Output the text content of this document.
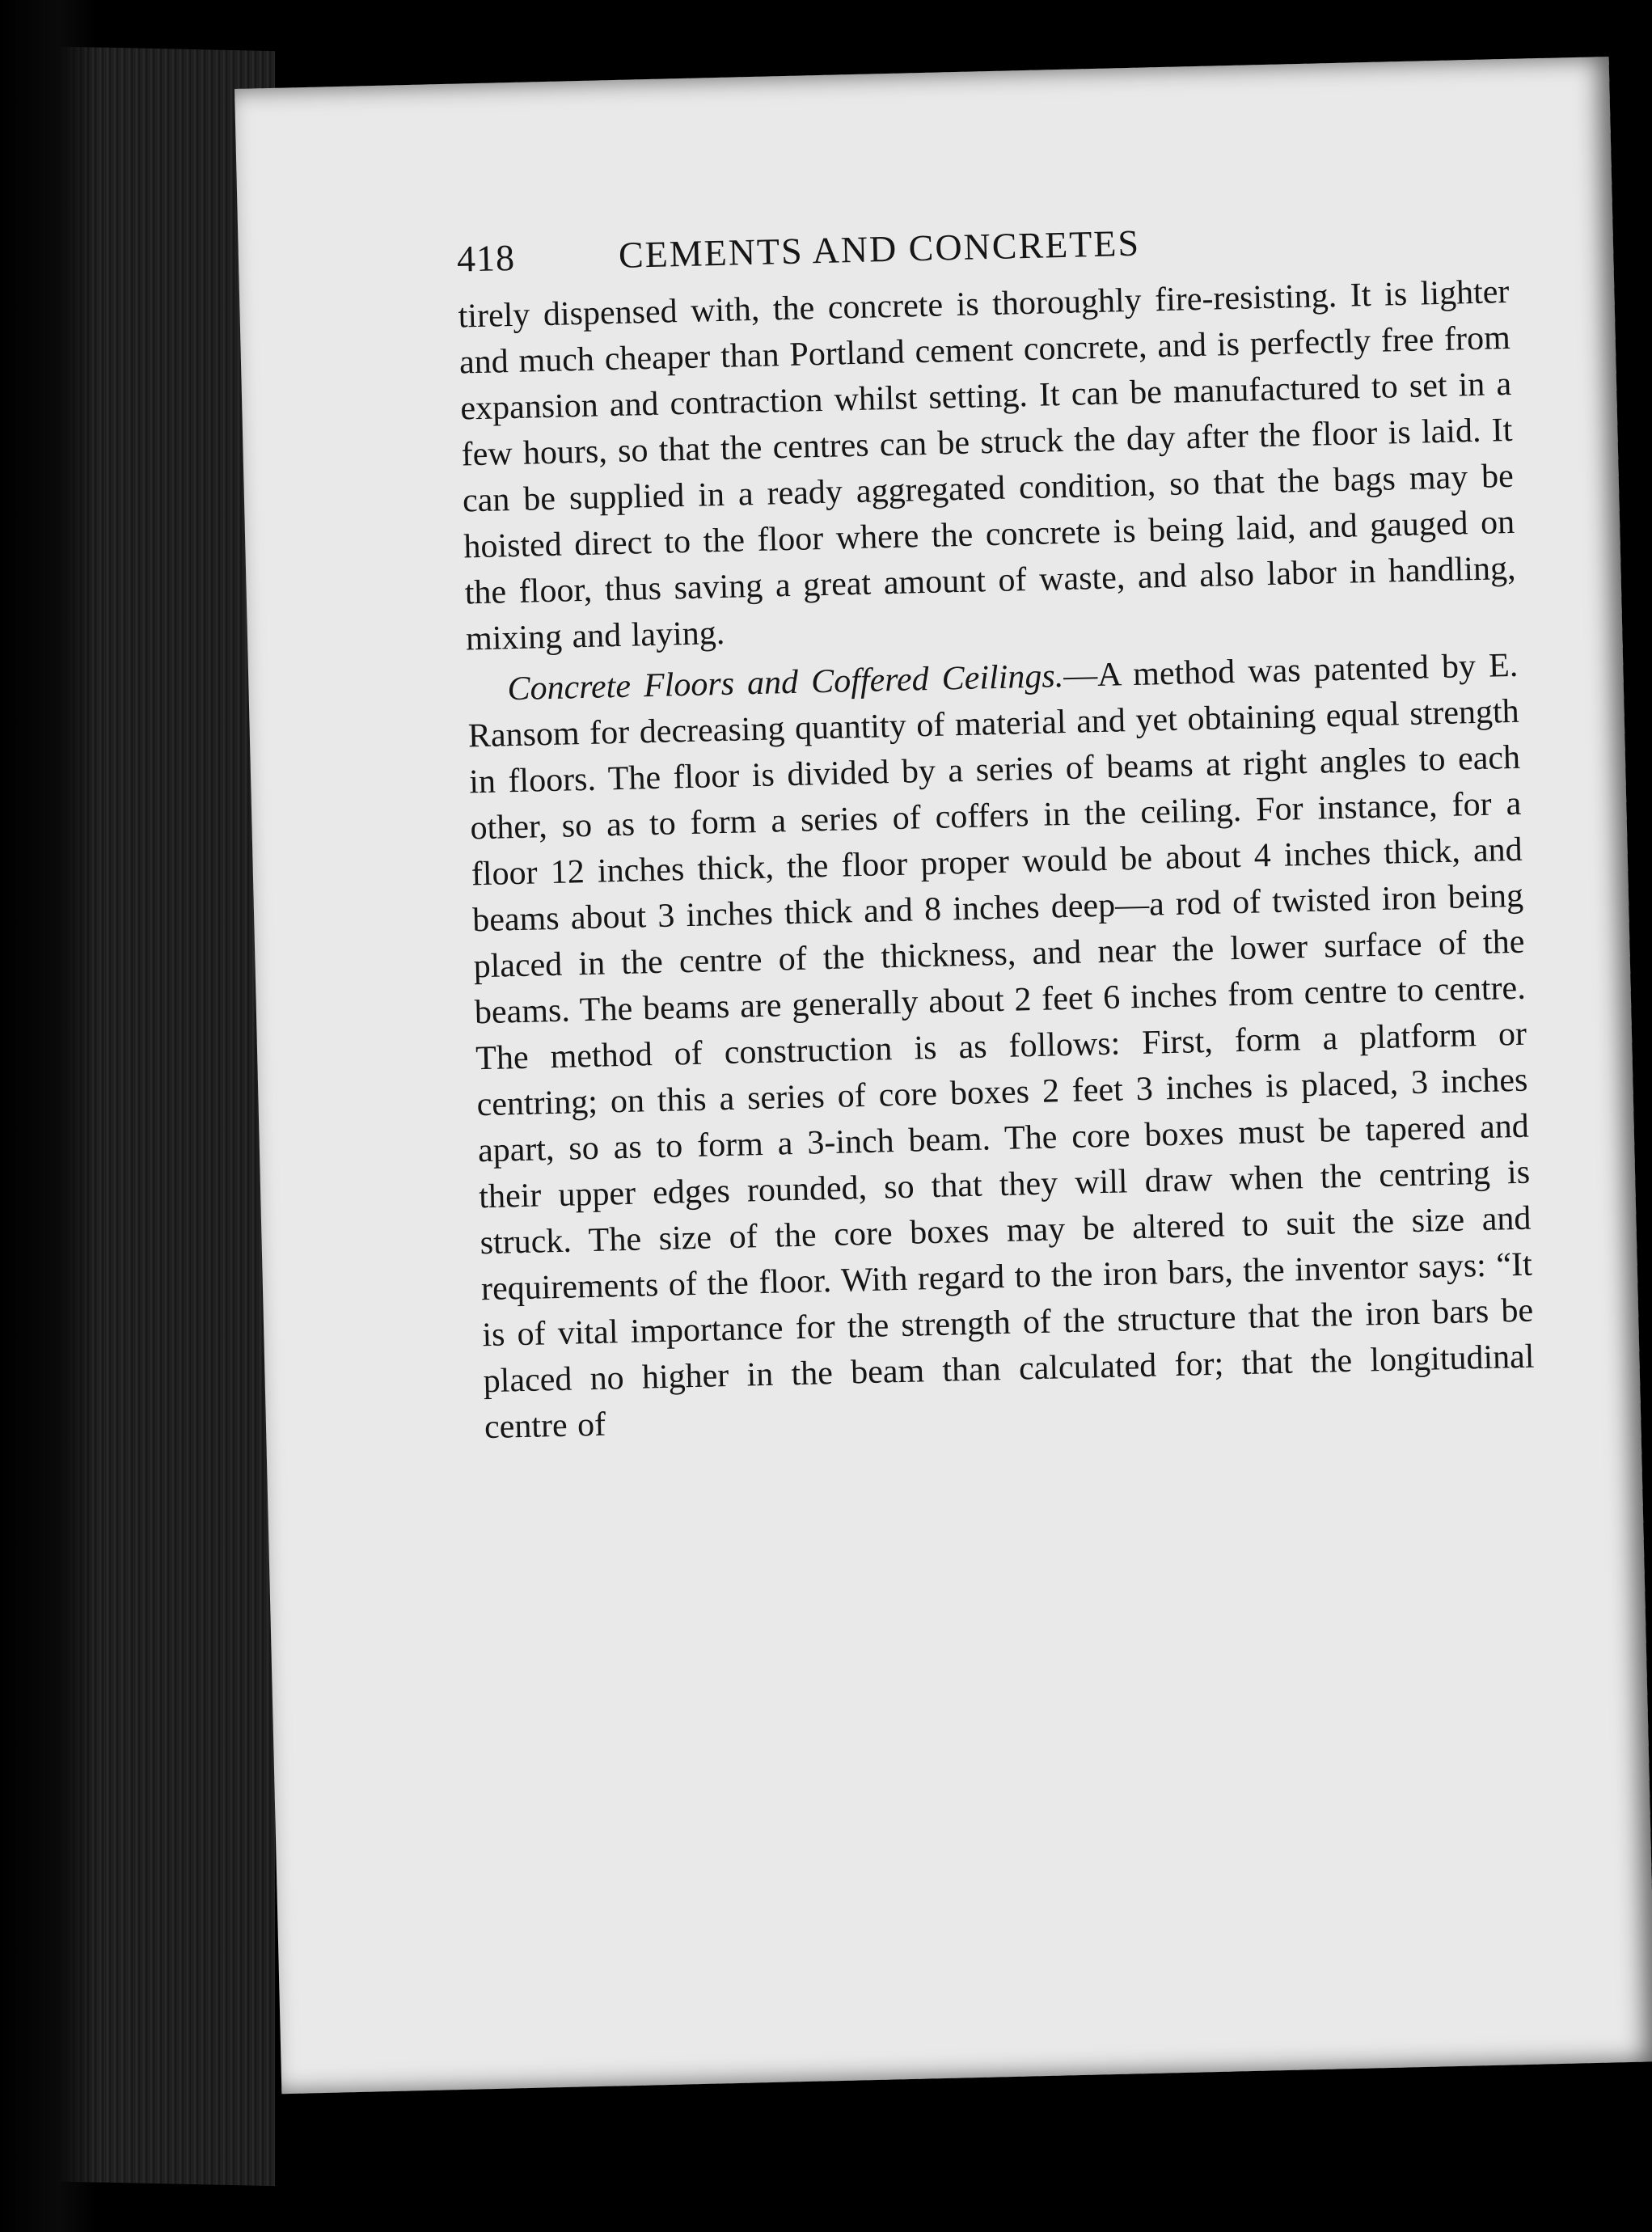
418	CEMENTS AND CONCRETES

tirely dispensed with, the concrete is thoroughly fire-resisting. It is lighter and much cheaper than Portland cement concrete, and is perfectly free from expansion and contraction whilst setting. It can be manufactured to set in a few hours, so that the centres can be struck the day after the floor is laid. It can be supplied in a ready aggregated condition, so that the bags may be hoisted direct to the floor where the concrete is being laid, and gauged on the floor, thus saving a great amount of waste, and also labor in handling, mixing and laying.

Concrete Floors and Coffered Ceilings.—A method was patented by E. Ransom for decreasing quantity of material and yet obtaining equal strength in floors. The floor is divided by a series of beams at right angles to each other, so as to form a series of coffers in the ceiling. For instance, for a floor 12 inches thick, the floor proper would be about 4 inches thick, and beams about 3 inches thick and 8 inches deep—a rod of twisted iron being placed in the centre of the thickness, and near the lower surface of the beams. The beams are generally about 2 feet 6 inches from centre to centre. The method of construction is as follows: First, form a platform or centring; on this a series of core boxes 2 feet 3 inches is placed, 3 inches apart, so as to form a 3-inch beam. The core boxes must be tapered and their upper edges rounded, so that they will draw when the centring is struck. The size of the core boxes may be altered to suit the size and requirements of the floor. With regard to the iron bars, the inventor says: “It is of vital importance for the strength of the structure that the iron bars be placed no higher in the beam than calculated for; that the longitudinal centre of
